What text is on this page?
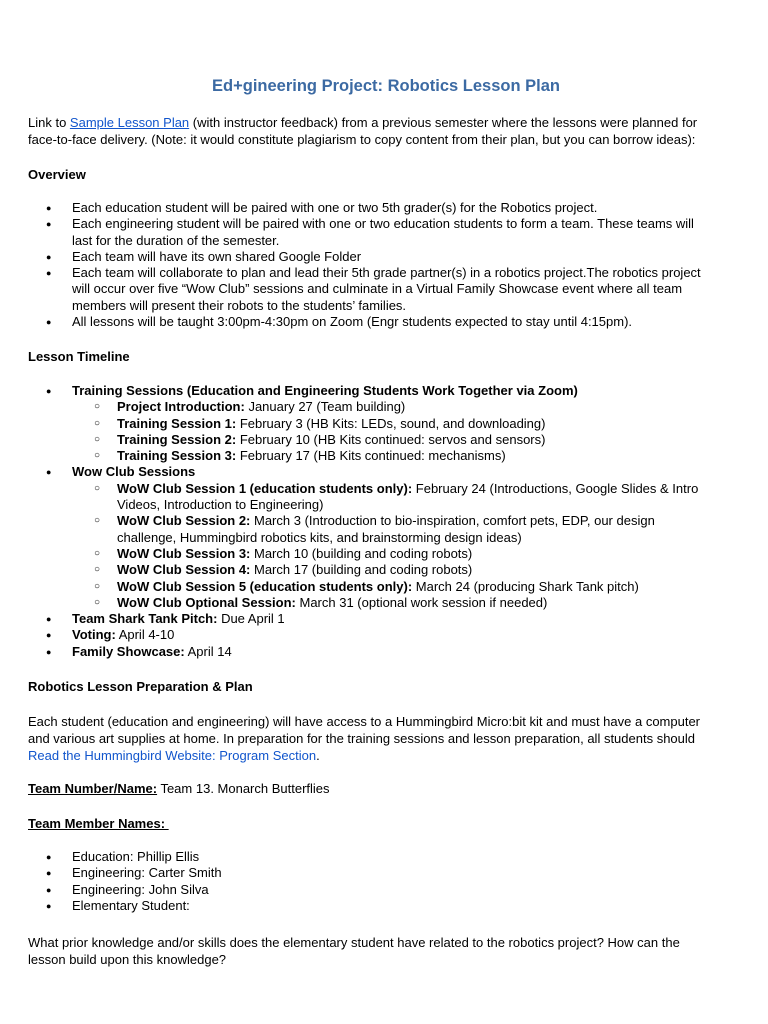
Ed+gineering Project: Robotics Lesson Plan
Link to Sample Lesson Plan (with instructor feedback) from a previous semester where the lessons were planned for
face-to-face delivery. (Note: it would constitute plagiarism to copy content from their plan, but you can borrow ideas):
Overview
● Each education student will be paired with one or two 5th grader(s) for the Robotics project.
● Each engineering student will be paired with one or two education students to form a team. These teams will
last for the duration of the semester.
● Each team will have its own shared Google Folder
● Each team will collaborate to plan and lead their 5th grade partner(s) in a robotics project.The robotics project
will occur over five “Wow Club” sessions and culminate in a Virtual Family Showcase event where all team
members will present their robots to the students’ families.
● All lessons will be taught 3:00pm-4:30pm on Zoom (Engr students expected to stay until 4:15pm).
Lesson Timeline
● Training Sessions (Education and Engineering Students Work Together via Zoom)
○ Project Introduction: January 27 (Team building)
○ Training Session 1: February 3 (HB Kits: LEDs, sound, and downloading)
○ Training Session 2: February 10 (HB Kits continued: servos and sensors)
○ Training Session 3: February 17 (HB Kits continued: mechanisms)
● Wow Club Sessions
○ WoW Club Session 1 (education students only): February 24 (Introductions, Google Slides & Intro
Videos, Introduction to Engineering)
○ WoW Club Session 2: March 3 (Introduction to bio-inspiration, comfort pets, EDP, our design
challenge, Hummingbird robotics kits, and brainstorming design ideas)
○ WoW Club Session 3: March 10 (building and coding robots)
○ WoW Club Session 4: March 17 (building and coding robots)
○ WoW Club Session 5 (education students only): March 24 (producing Shark Tank pitch)
○ WoW Club Optional Session: March 31 (optional work session if needed)
● Team Shark Tank Pitch: Due April 1
● Voting: April 4-10
● Family Showcase: April 14
Robotics Lesson Preparation & Plan
Each student (education and engineering) will have access to a Hummingbird Micro:bit kit and must have a computer
and various art supplies at home. In preparation for the training sessions and lesson preparation, all students should
Read the Hummingbird Website: Program Section.
Team Number/Name: Team 13. Monarch Butterflies
Team Member Names:
● Education: Phillip Ellis
● Engineering: Carter Smith
● Engineering: John Silva
● Elementary Student:
What prior knowledge and/or skills does the elementary student have related to the robotics project? How can the
lesson build upon this knowledge?
